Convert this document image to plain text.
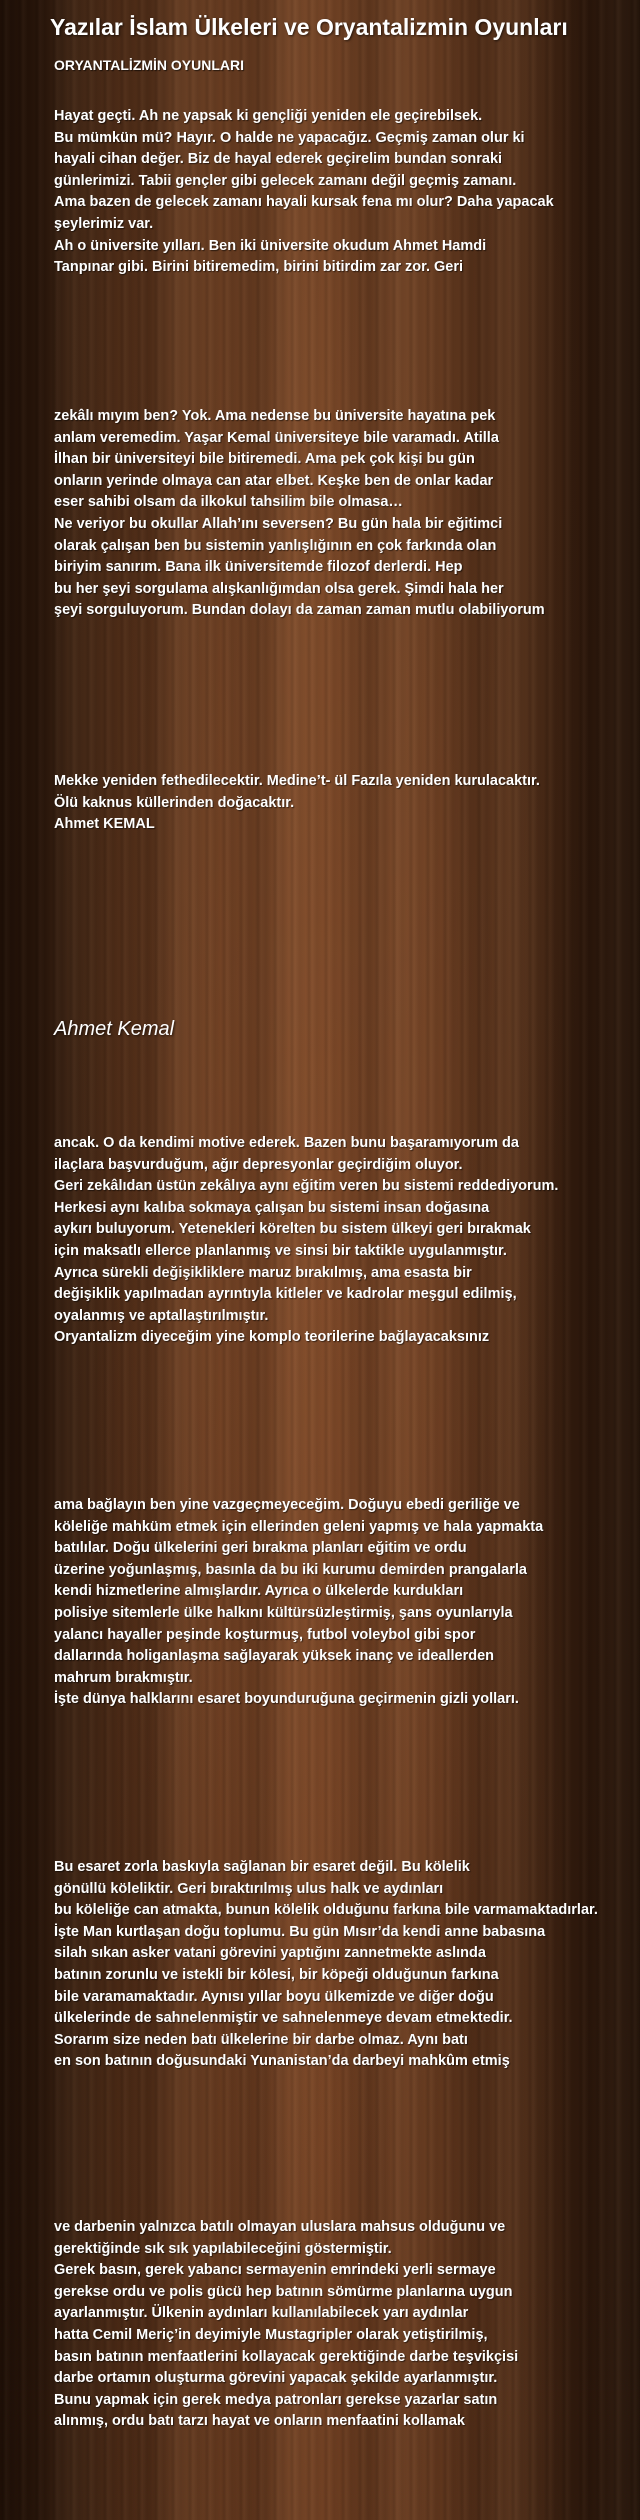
Yazılar İslam Ülkeleri ve Oryantalizmin Oyunları
ORYANTALİZMİN OYUNLARI
Hayat geçti. Ah ne yapsak ki gençliği yeniden ele geçirebilsek.
Bu mümkün mü? Hayır. O halde ne yapacağız. Geçmiş zaman olur ki
hayali cihan değer. Biz de hayal ederek geçirelim bundan sonraki
günlerimizi. Tabii gençler gibi gelecek zamanı değil geçmiş zamanı.
Ama bazen de gelecek zamanı hayali kursak fena mı olur? Daha yapacak
şeylerimiz var.
Ah o üniversite yılları. Ben iki üniversite okudum Ahmet Hamdi
Tanpınar gibi. Birini bitiremedim, birini bitirdim zar zor. Geri
zekâlı mıyım ben? Yok. Ama nedense bu üniversite hayatına pek
anlam veremedim. Yaşar Kemal üniversiteye bile varamadı. Atilla
İlhan bir üniversiteyi bile bitiremedi. Ama pek çok kişi bu gün
onların yerinde olmaya can atar elbet. Keşke ben de onlar kadar
eser sahibi olsam da ilkokul tahsilim bile olmasa…
Ne veriyor bu okullar Allah’ını seversen? Bu gün hala bir eğitimci
olarak çalışan ben bu sistemin yanlışlığının en çok farkında olan
biriyim sanırım. Bana ilk üniversitemde filozof derlerdi. Hep
bu her şeyi sorgulama alışkanlığımdan olsa gerek. Şimdi hala her
şeyi sorguluyorum. Bundan dolayı da zaman zaman mutlu olabiliyorum
Mekke yeniden fethedilecektir. Medine’t- ül Fazıla yeniden kurulacaktır.
Ölü kaknus küllerinden doğacaktır.
Ahmet KEMAL
Ahmet Kemal
ancak. O da kendimi motive ederek. Bazen bunu başaramıyorum da
ilaçlara başvurduğum, ağır depresyonlar geçirdiğim oluyor.
Geri zekâlıdan üstün zekâlıya aynı eğitim veren bu sistemi reddediyorum.
Herkesi aynı kalıba sokmaya çalışan bu sistemi insan doğasına
aykırı buluyorum. Yetenekleri körelten bu sistem ülkeyi geri bırakmak
için maksatlı ellerce planlanmış ve sinsi bir taktikle uygulanmıştır.
Ayrıca sürekli değişikliklere maruz bırakılmış, ama esasta bir
değişiklik yapılmadan ayrıntıyla kitleler ve kadrolar meşgul edilmiş,
oyalanmış ve aptallaştırılmıştır.
Oryantalizm diyeceğim yine komplo teorilerine bağlayacaksınız
ama bağlayın ben yine vazgeçmeyeceğim. Doğuyu ebedi geriliğe ve
köleliğe mahküm etmek için ellerinden geleni yapmış ve hala yapmakta
batılılar. Doğu ülkelerini geri bırakma planları eğitim ve ordu
üzerine yoğunlaşmış, basınla da bu iki kurumu demirden prangalarla
kendi hizmetlerine almışlardır. Ayrıca o ülkelerde kurdukları
polisiye sitemlerle ülke halkını kültürsüzleştirmiş, şans oyunlarıyla
yalancı hayaller peşinde koşturmuş, futbol voleybol gibi spor
dallarında holiganlaşma sağlayarak yüksek inanç ve ideallerden
mahrum bırakmıştır.
İşte dünya halklarını esaret boyunduruğuna geçirmenin gizli yolları.
Bu esaret zorla baskıyla sağlanan bir esaret değil. Bu kölelik
gönüllü köleliktir. Geri bıraktırılmış ulus halk ve aydınları
bu köleliğe can atmakta, bunun kölelik olduğunu farkına bile varmamaktadırlar.
İşte Man kurtlaşan doğu toplumu. Bu gün Mısır’da kendi anne babasına
silah sıkan asker vatani görevini yaptığını zannetmekte aslında
batının zorunlu ve istekli bir kölesi, bir köpeği olduğunun farkına
bile varamamaktadır. Aynısı yıllar boyu ülkemizde ve diğer doğu
ülkelerinde de sahnelenmiştir ve sahnelenmeye devam etmektedir.
Sorarım size neden batı ülkelerine bir darbe olmaz. Aynı batı
en son batının doğusundaki Yunanistan’da darbeyi mahkûm etmiş
ve darbenin yalnızca batılı olmayan uluslara mahsus olduğunu ve
gerektiğinde sık sık yapılabileceğini göstermiştir.
Gerek basın, gerek yabancı sermayenin emrindeki yerli sermaye
gerekse ordu ve polis gücü hep batının sömürme planlarına uygun
ayarlanmıştır. Ülkenin aydınları kullanılabilecek yarı aydınlar
hatta Cemil Meriç’in deyimiyle Mustagripler olarak yetiştirilmiş,
basın batının menfaatlerini kollayacak gerektiğinde darbe teşvikçisi
darbe ortamın oluşturma görevini yapacak şekilde ayarlanmıştır.
Bunu yapmak için gerek medya patronları gerekse yazarlar satın
alınmış, ordu batı tarzı hayat ve onların menfaatini kollamak
